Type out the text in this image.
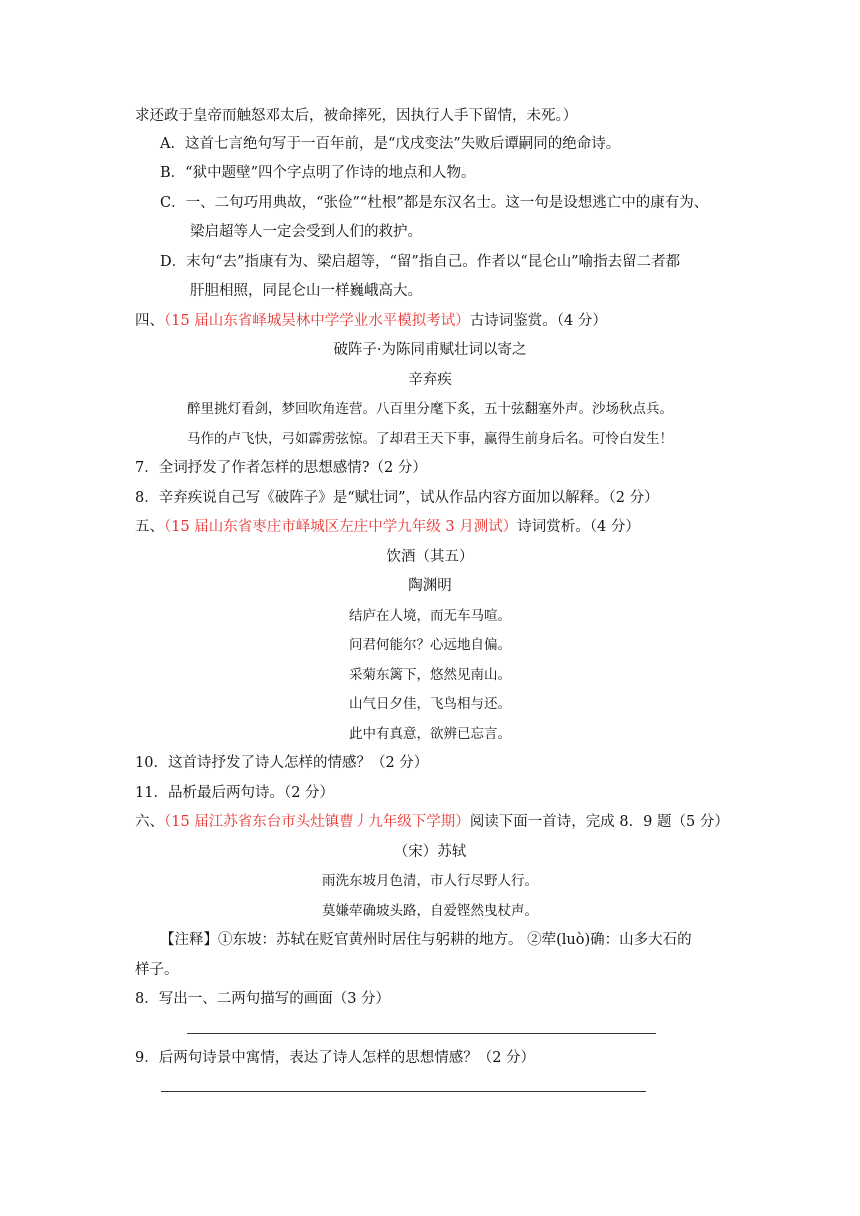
求还政于皇帝而触怒邓太后，被命摔死，因执行人手下留情，未死。）
A．这首七言绝句写于一百年前，是“戊戌变法”失败后谭嗣同的绝命诗。
B．“狱中题壁”四个字点明了作诗的地点和人物。
C．一、二句巧用典故，“张俭”“杜根”都是东汉名士。这一句是设想逃亡中的康有为、
梁启超等人一定会受到人们的救护。
D．末句“去”指康有为、梁启超等，“留”指自己。作者以“昆仑山”喻指去留二者都
肝胆相照，同昆仑山一样巍峨高大。
四、（15 届山东省峄城吴林中学学业水平模拟考试）古诗词鉴赏。（4 分）
破阵子·为陈同甫赋壮词以寄之
辛弃疾
醉里挑灯看剑，梦回吹角连营。八百里分麾下炙，五十弦翻塞外声。沙场秋点兵。
马作的卢飞快，弓如霹雳弦惊。了却君王天下事，赢得生前身后名。可怜白发生！
7．全词抒发了作者怎样的思想感情?（2 分）
8．辛弃疾说自己写《破阵子》是“赋壮词”，试从作品内容方面加以解释。（2 分）
五、（15 届山东省枣庄市峄城区左庄中学九年级 3 月测试）诗词赏析。（4 分）
饮酒（其五）
陶渊明
结庐在人境，而无车马喧。
问君何能尔？心远地自偏。
采菊东篱下，悠然见南山。
山气日夕佳，飞鸟相与还。
此中有真意，欲辨已忘言。
10．这首诗抒发了诗人怎样的情感？（2 分）
11．品析最后两句诗。（2 分）
六、（15 届江苏省东台市头灶镇曹丿九年级下学期）阅读下面一首诗，完成 8．9 题（5 分）
（宋）苏轼
雨洗东坡月色清，市人行尽野人行。
莫嫌荦确坡头路，自爱铿然曳杖声。
【注释】①东坡：苏轼在贬官黄州时居住与躬耕的地方。 ②荦(luò)确：山多大石的
样子。
8．写出一、二两句描写的画面（3 分）
9．后两句诗景中寓情，表达了诗人怎样的思想情感？（2 分）
